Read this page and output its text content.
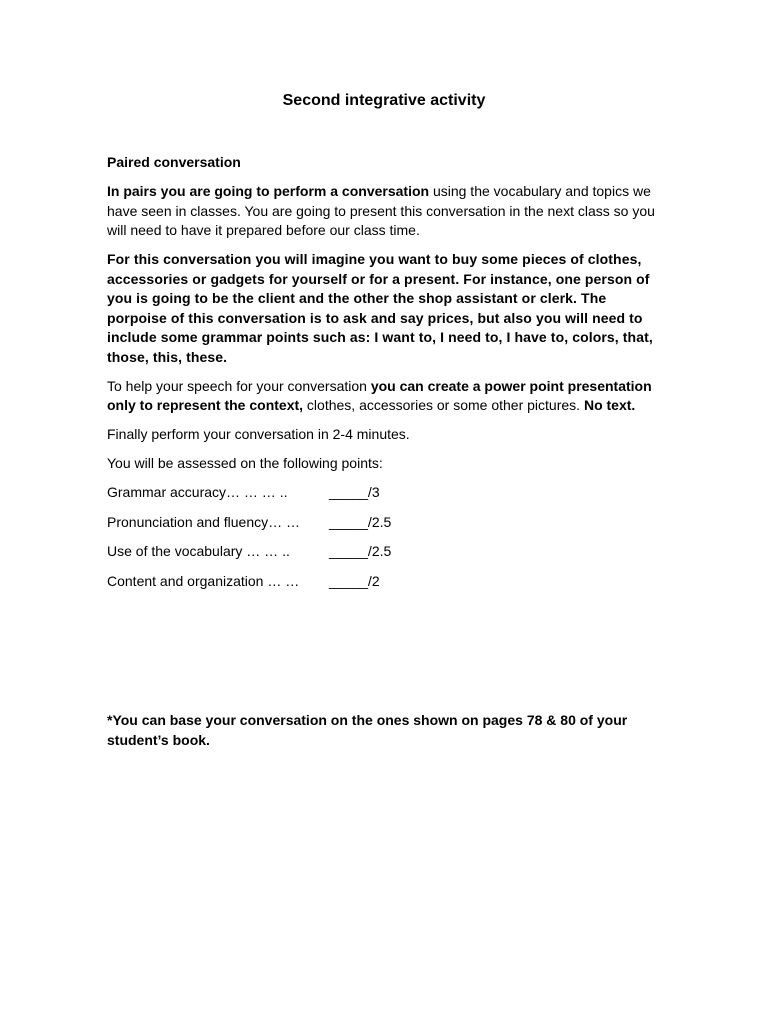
Second integrative activity

Paired conversation

In pairs you are going to perform a conversation using the vocabulary and topics we have seen in classes. You are going to present this conversation in the next class so you will need to have it prepared before our class time.

For this conversation you will imagine you want to buy some pieces of clothes, accessories or gadgets for yourself or for a present. For instance, one person of you is going to be the client and the other the shop assistant or clerk. The porpoise of this conversation is to ask and say prices, but also you will need to include some grammar points such as: I want to, I need to, I have to, colors, that, those, this, these.

To help your speech for your conversation you can create a power point presentation only to represent the context, clothes, accessories or some other pictures. No text.

Finally perform your conversation in 2-4 minutes.

You will be assessed on the following points:

Grammar accuracy… … … ..	_____/3
Pronunciation and fluency… …	_____/2.5
Use of the vocabulary … … ..	_____/2.5
Content and organization … …	_____/2

*You can base your conversation on the ones shown on pages 78 & 80 of your student’s book.
